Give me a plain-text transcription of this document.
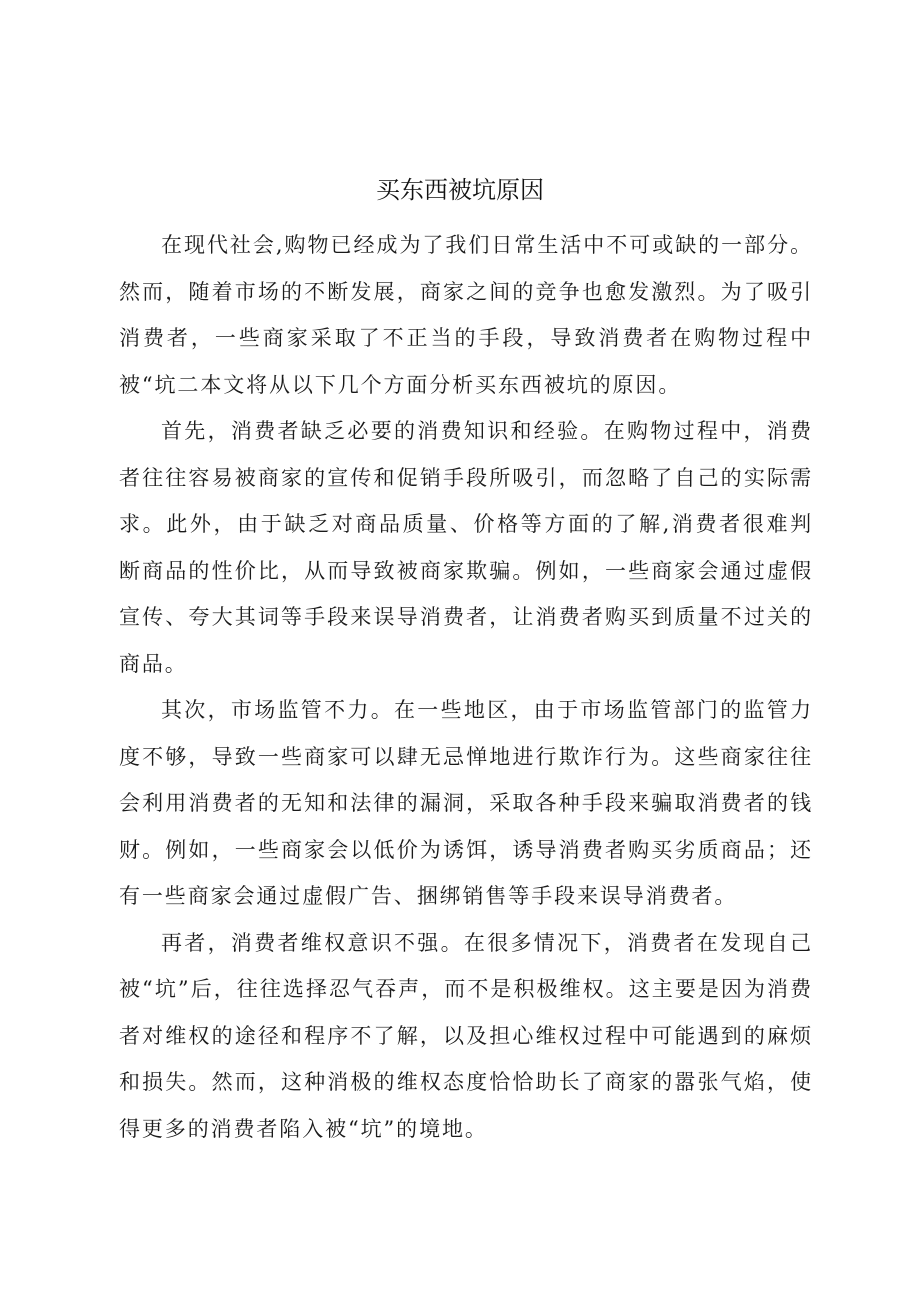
买东西被坑原因

在现代社会,购物已经成为了我们日常生活中不可或缺的一部分。然而，随着市场的不断发展，商家之间的竞争也愈发激烈。为了吸引消费者，一些商家采取了不正当的手段，导致消费者在购物过程中被“坑二本文将从以下几个方面分析买东西被坑的原因。

首先，消费者缺乏必要的消费知识和经验。在购物过程中，消费者往往容易被商家的宣传和促销手段所吸引，而忽略了自己的实际需求。此外，由于缺乏对商品质量、价格等方面的了解,消费者很难判断商品的性价比，从而导致被商家欺骗。例如，一些商家会通过虚假宣传、夸大其词等手段来误导消费者，让消费者购买到质量不过关的商品。

其次，市场监管不力。在一些地区，由于市场监管部门的监管力度不够，导致一些商家可以肆无忌惮地进行欺诈行为。这些商家往往会利用消费者的无知和法律的漏洞，采取各种手段来骗取消费者的钱财。例如，一些商家会以低价为诱饵，诱导消费者购买劣质商品；还有一些商家会通过虚假广告、捆绑销售等手段来误导消费者。

再者，消费者维权意识不强。在很多情况下，消费者在发现自己被“坑”后，往往选择忍气吞声，而不是积极维权。这主要是因为消费者对维权的途径和程序不了解，以及担心维权过程中可能遇到的麻烦和损失。然而，这种消极的维权态度恰恰助长了商家的嚣张气焰，使得更多的消费者陷入被“坑”的境地。
